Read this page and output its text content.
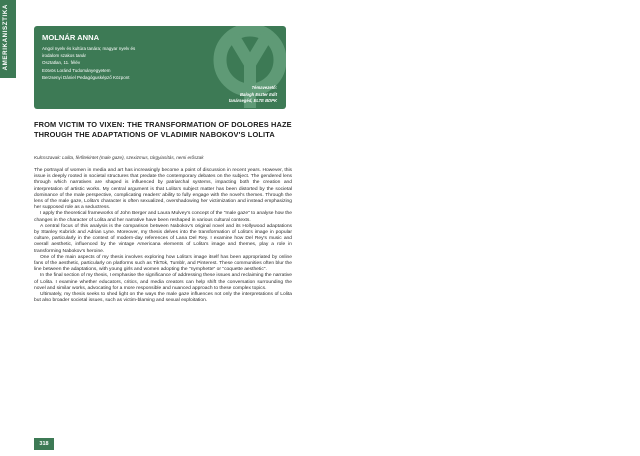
AMERIKANISZTIKA	MOLNÁR ANNA
Angol nyelv és kultúra tanára; magyar nyelv és
irodalom szakos tanár
Osztatlan, 11. félév
Eötvös Loránd Tudományegyetem
Berzsenyi Dániel Pedagógusképző Központ
Témavezető:
Balogh Eszter Edit
tanársegéd, ELTE BDPK
FROM VICTIM TO VIXEN: THE TRANSFORMATION OF DOLORES HAZE THROUGH THE ADAPTATIONS OF VLADIMIR NABOKOV'S LOLITA
Kulcsszavak: Lolita, férfitekintet (male gaze), szexizmus, tárgyiasítás, nemi erőszak

The portrayal of women in media and art has increasingly become a point of discussion in recent years. However, this issue is deeply rooted in societal structures that predate the contemporary debates on the subject. The gendered lens through which narratives are shaped is influenced by patriarchal systems, impacting both the creation and interpretation of artistic works. My central argument is that Lolita's subject matter has been distorted by the societal dominance of the male perspective, complicating readers' ability to fully engage with the novel's themes. Through the lens of the male gaze, Lolita's character is often sexualized, overshadowing her victimization and instead emphasizing her supposed role as a seductress.

I apply the theoretical frameworks of John Berger and Laura Mulvey's concept of the "male gaze" to analyse how the changes in the character of Lolita and her narrative have been reshaped in various cultural contexts.

A central focus of this analysis is the comparison between Nabokov's original novel and its Hollywood adaptations by Stanley Kubrick and Adrian Lyne. Moreover, my thesis delves into the transformation of Lolita's image in popular culture, particularly in the context of modern-day references of Lana Del Rey. I examine how Del Rey's music and overall aesthetic, influenced by the vintage Americana elements of Lolita's image and themes, play a role in transforming Nabokov's heroine.

One of the main aspects of my thesis involves exploring how Lolita's image itself has been appropriated by online fans of the aesthetic, particularly on platforms such as TikTok, Tumblr, and Pinterest. These communities often blur the line between the adaptations, with young girls and women adopting the "nymphette" or "coquette aesthetic".

In the final section of my thesis, I emphasise the significance of addressing these issues and reclaiming the narrative of Lolita. I examine whether educators, critics, and media creators can help shift the conversation surrounding the novel and similar works, advocating for a more responsible and nuanced approach to these complex topics.

Ultimately, my thesis seeks to shed light on the ways the male gaze influences not only the interpretations of Lolita but also broader societal issues, such as victim-blaming and sexual exploitation.

318
